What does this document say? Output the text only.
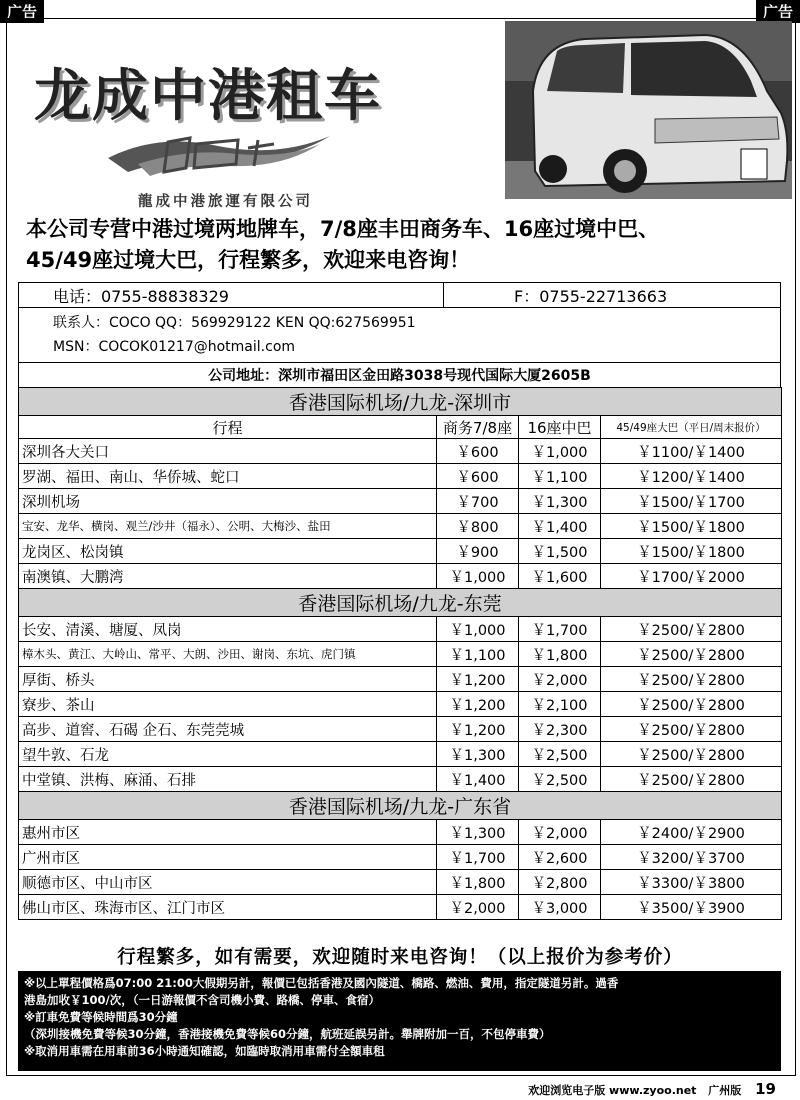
广告	广告
龙成中港租车
龍成中港旅運有限公司
本公司专营中港过境两地牌车，7/8座丰田商务车、16座过境中巴、
45/49座过境大巴，行程繁多，欢迎来电咨询！
电话：0755-88838329	F：0755-22713663

联系人：COCO QQ：569929122 KEN QQ:627569951
MSN：COCOK01217@hotmail.com

公司地址：深圳市福田区金田路3038号现代国际大厦2605B
香港国际机场/九龙-深圳市			
行程	商务7/8座	16座中巴	45/49座大巴（平日/周末报价）
深圳各大关口	￥600	￥1,000	￥1100/￥1400
罗湖、福田、南山、华侨城、蛇口	￥600	￥1,100	￥1200/￥1400
深圳机场	￥700	￥1,300	￥1500/￥1700
宝安、龙华、横岗、观兰/沙井（福永）、公明、大梅沙、盐田	￥800	￥1,400	￥1500/￥1800
龙岗区、松岗镇	￥900	￥1,500	￥1500/￥1800
南澳镇、大鹏湾	￥1,000	￥1,600	￥1700/￥2000
香港国际机场/九龙-东莞			
长安、清溪、塘厦、凤岗	￥1,000	￥1,700	￥2500/￥2800
樟木头、黄江、大岭山、常平、大朗、沙田、谢岗、东坑、虎门镇	￥1,100	￥1,800	￥2500/￥2800
厚街、桥头	￥1,200	￥2,000	￥2500/￥2800
寮步、茶山	￥1,200	￥2,100	￥2500/￥2800
高步、道窖、石碣 企石、东莞莞城	￥1,200	￥2,300	￥2500/￥2800
望牛敦、石龙	￥1,300	￥2,500	￥2500/￥2800
中堂镇、洪梅、麻涌、石排	￥1,400	￥2,500	￥2500/￥2800
香港国际机场/九龙-广东省			
惠州市区	￥1,300	￥2,000	￥2400/￥2900
广州市区	￥1,700	￥2,600	￥3200/￥3700
顺德市区、中山市区	￥1,800	￥2,800	￥3300/￥3800
佛山市区、珠海市区、江门市区	￥2,000	￥3,000	￥3500/￥3900
行程繁多，如有需要，欢迎随时来电咨询！（以上报价为参考价）
※以上單程價格爲07:00 21:00大假期另計，報價已包括香港及國內隧道、橋路、燃油、費用，指定隧道另計。過香
港島加收￥100/次，（一日游報價不含司機小費、路橋、停車、食宿）
※訂車免費等候時間爲30分鐘
（深圳接機免費等候30分鐘，香港接機免費等候60分鐘，航班延誤另計。舉牌附加一百，不包停車費）
※取消用車需在用車前36小時通知確認，如臨時取消用車需付全額車租
欢迎浏览电子版 www.zyoo.net 广州版 19
